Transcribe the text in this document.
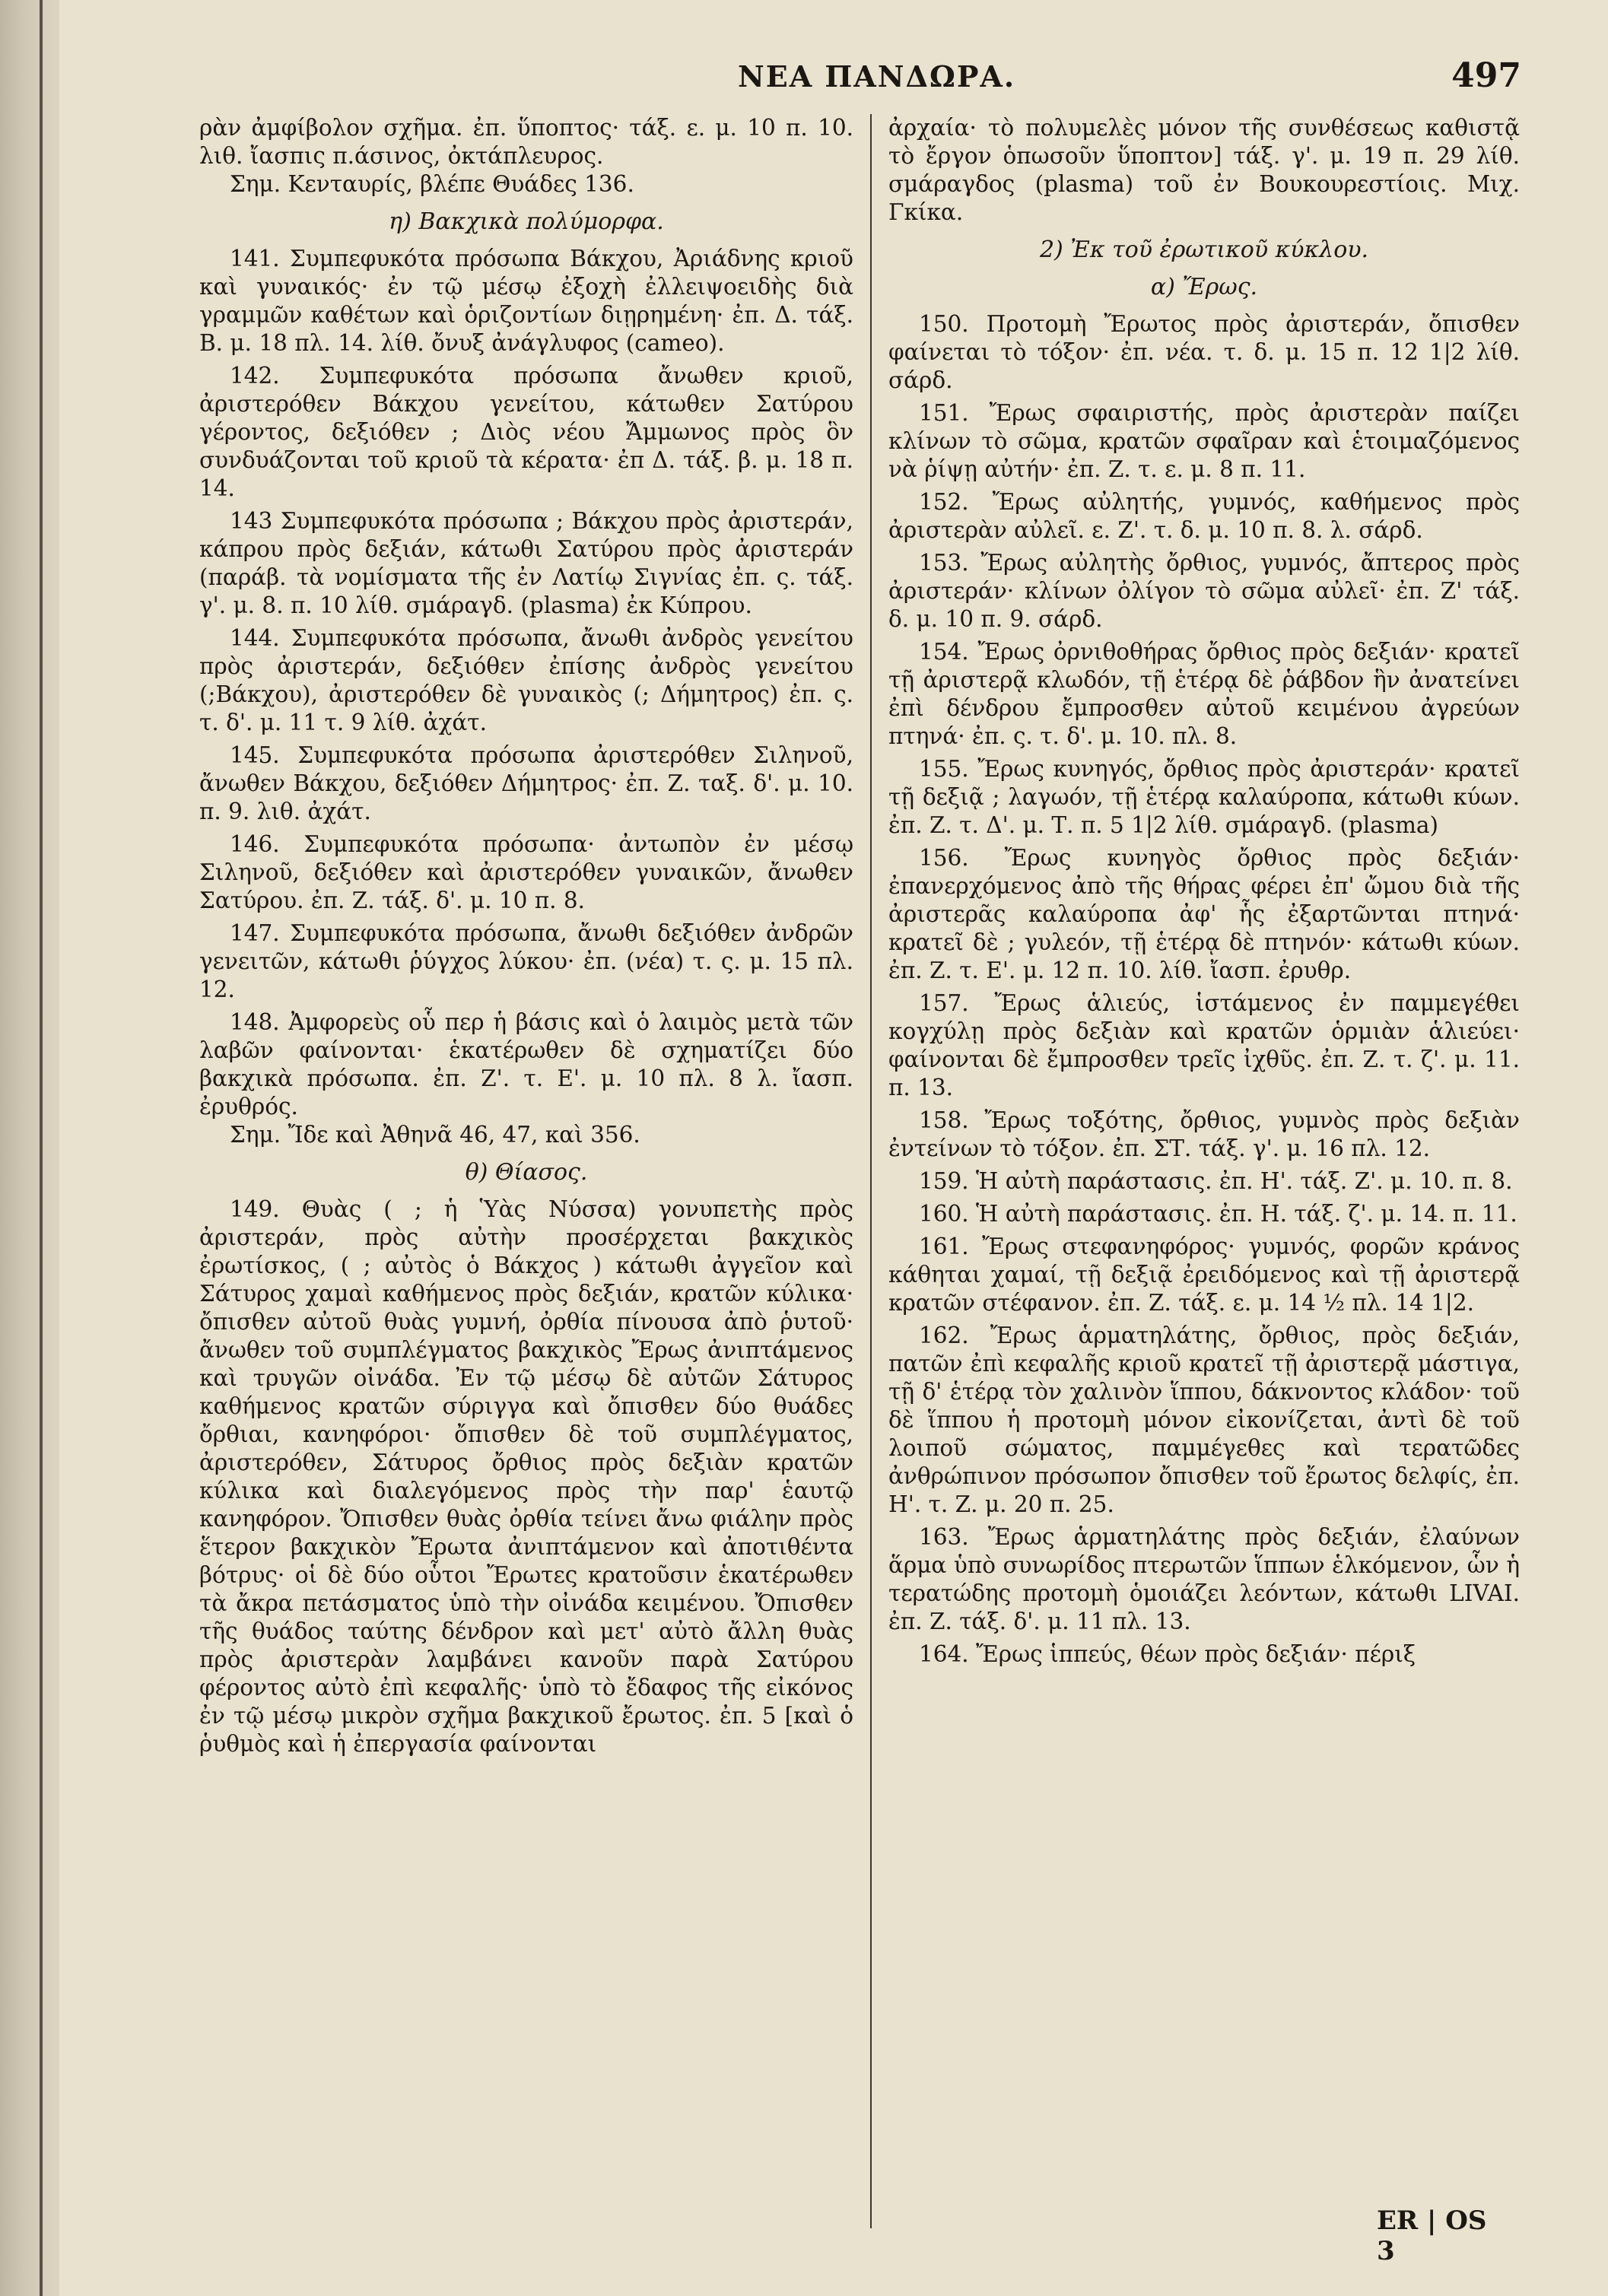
ΝΕΑ ΠΑΝΔΩΡΑ.	497

ρὰν ἀμφίβολον σχῆμα. ἐπ. ὕποπτος· τάξ. ε. μ. 10 π. 10. λιθ. ἴασπις π.άσινος, ὀκτάπλευρος.

Σημ. Κενταυρίς, βλέπε Θυάδες 136.

η) Βακχικὰ πολύμορφα.

141. Συμπεφυκότα πρόσωπα Βάκχου, Ἀριάδνης κριοῦ καὶ γυναικός· ἐν τῷ μέσῳ ἐξοχὴ ἐλλειψοειδὴς διὰ γραμμῶν καθέτων καὶ ὁριζοντίων διῃρημένη· ἐπ. Δ. τάξ. Β. μ. 18 πλ. 14. λίθ. ὄνυξ ἀνάγλυφος (cameo).

142. Συμπεφυκότα πρόσωπα ἄνωθεν κριοῦ, ἀριστερόθεν Βάκχου γενείτου, κάτωθεν Σατύρου γέροντος, δεξιόθεν ; Διὸς νέου Ἄμμωνος πρὸς ὃν συνδυάζονται τοῦ κριοῦ τὰ κέρατα· ἐπ Δ. τάξ. β. μ. 18 π. 14.

143 Συμπεφυκότα πρόσωπα ; Βάκχου πρὸς ἀριστεράν, κάπρου πρὸς δεξιάν, κάτωθι Σατύρου πρὸς ἀριστεράν (παράβ. τὰ νομίσματα τῆς ἐν Λατίῳ Σιγνίας ἐπ. ς. τάξ. γ'. μ. 8. π. 10 λίθ. σμάραγδ. (plasma) ἐκ Κύπρου.

144. Συμπεφυκότα πρόσωπα, ἄνωθι ἀνδρὸς γενείτου πρὸς ἀριστεράν, δεξιόθεν ἐπίσης ἀνδρὸς γενείτου (;Βάκχου), ἀριστερόθεν δὲ γυναικὸς (; Δήμητρος) ἐπ. ς. τ. δ'. μ. 11 τ. 9 λίθ. ἀχάτ.

145. Συμπεφυκότα πρόσωπα ἀριστερόθεν Σιληνοῦ, ἄνωθεν Βάκχου, δεξιόθεν Δήμητρος· ἐπ. Ζ. ταξ. δ'. μ. 10. π. 9. λιθ. ἀχάτ.

146. Συμπεφυκότα πρόσωπα· ἀντωπὸν ἐν μέσῳ Σιληνοῦ, δεξιόθεν καὶ ἀριστερόθεν γυναικῶν, ἄνωθεν Σατύρου. ἐπ. Ζ. τάξ. δ'. μ. 10 π. 8.

147. Συμπεφυκότα πρόσωπα, ἄνωθι δεξιόθεν ἀνδρῶν γενειτῶν, κάτωθι ῥύγχος λύκου· ἐπ. (νέα) τ. ς. μ. 15 πλ. 12.

148. Ἀμφορεὺς οὗ περ ἡ βάσις καὶ ὁ λαιμὸς μετὰ τῶν λαβῶν φαίνονται· ἑκατέρωθεν δὲ σχηματίζει δύο βακχικὰ πρόσωπα. ἐπ. Ζ'. τ. Ε'. μ. 10 πλ. 8 λ. ἴασπ. ἐρυθρός.

Σημ. Ἴδε καὶ Ἀθηνᾶ 46, 47, καὶ 356.

θ) Θίασος.

149. Θυὰς ( ; ἡ Ὑὰς Νύσσα) γονυπετὴς πρὸς ἀριστεράν, πρὸς αὐτὴν προσέρχεται βακχικὸς ἐρωτίσκος, ( ; αὐτὸς ὁ Βάκχος ) κάτωθι ἀγγεῖον καὶ Σάτυρος χαμαὶ καθήμενος πρὸς δεξιάν, κρατῶν κύλικα· ὄπισθεν αὐτοῦ θυὰς γυμνή, ὀρθία πίνουσα ἀπὸ ῥυτοῦ· ἄνωθεν τοῦ συμπλέγματος βακχικὸς Ἔρως ἀνιπτάμενος καὶ τρυγῶν οἰνάδα. Ἐν τῷ μέσῳ δὲ αὐτῶν Σάτυρος καθήμενος κρατῶν σύριγγα καὶ ὄπισθεν δύο θυάδες ὄρθιαι, κανηφόροι· ὄπισθεν δὲ τοῦ συμπλέγματος, ἀριστερόθεν, Σάτυρος ὄρθιος πρὸς δεξιὰν κρατῶν κύλικα καὶ διαλεγόμενος πρὸς τὴν παρ' ἑαυτῷ κανηφόρον. Ὄπισθεν θυὰς ὀρθία τείνει ἄνω φιάλην πρὸς ἕτερον βακχικὸν Ἔρωτα ἀνιπτάμενον καὶ ἀποτιθέντα βότρυς· οἱ δὲ δύο οὗτοι Ἔρωτες κρατοῦσιν ἑκατέρωθεν τὰ ἄκρα πετάσματος ὑπὸ τὴν οἰνάδα κειμένου. Ὄπισθεν τῆς θυάδος ταύτης δένδρον καὶ μετ' αὐτὸ ἄλλη θυὰς πρὸς ἀριστερὰν λαμβάνει κανοῦν παρὰ Σατύρου φέροντος αὐτὸ ἐπὶ κεφαλῆς· ὑπὸ τὸ ἔδαφος τῆς εἰκόνος ἐν τῷ μέσῳ μικρὸν σχῆμα βακχικοῦ ἔρωτος. ἐπ. 5 [καὶ ὁ ῥυθμὸς καὶ ἡ ἐπεργασία φαίνονται

ἀρχαία· τὸ πολυμελὲς μόνον τῆς συνθέσεως καθιστᾷ τὸ ἔργον ὁπωσοῦν ὕποπτον] τάξ. γ'. μ. 19 π. 29 λίθ. σμάραγδος (plasma) τοῦ ἐν Βουκουρεστίοις. Μιχ. Γκίκα.

2) Ἐκ τοῦ ἐρωτικοῦ κύκλου.

α) Ἔρως.

150. Προτομὴ Ἔρωτος πρὸς ἀριστεράν, ὄπισθεν φαίνεται τὸ τόξον· ἐπ. νέα. τ. δ. μ. 15 π. 12 1|2 λίθ. σάρδ.

151. Ἔρως σφαιριστής, πρὸς ἀριστερὰν παίζει κλίνων τὸ σῶμα, κρατῶν σφαῖραν καὶ ἑτοιμαζόμενος νὰ ῥίψῃ αὐτήν· ἐπ. Ζ. τ. ε. μ. 8 π. 11.

152. Ἔρως αὐλητής, γυμνός, καθήμενος πρὸς ἀριστερὰν αὐλεῖ. ε. Ζ'. τ. δ. μ. 10 π. 8. λ. σάρδ.

153. Ἔρως αὐλητὴς ὄρθιος, γυμνός, ἄπτερος πρὸς ἀριστεράν· κλίνων ὀλίγον τὸ σῶμα αὐλεῖ· ἐπ. Ζ' τάξ. δ. μ. 10 π. 9. σάρδ.

154. Ἔρως ὀρνιθοθήρας ὄρθιος πρὸς δεξιάν· κρατεῖ τῇ ἀριστερᾷ κλωδόν, τῇ ἑτέρᾳ δὲ ῥάβδον ἣν ἀνατείνει ἐπὶ δένδρου ἔμπροσθεν αὐτοῦ κειμένου ἀγρεύων πτηνά· ἐπ. ς. τ. δ'. μ. 10. πλ. 8.

155. Ἔρως κυνηγός, ὄρθιος πρὸς ἀριστεράν· κρατεῖ τῇ δεξιᾷ ; λαγωόν, τῇ ἑτέρᾳ καλαύροπα, κάτωθι κύων. ἐπ. Ζ. τ. Δ'. μ. Τ. π. 5 1|2 λίθ. σμάραγδ. (plasma)

156. Ἔρως κυνηγὸς ὄρθιος πρὸς δεξιάν· ἐπανερχόμενος ἀπὸ τῆς θήρας φέρει ἐπ' ὤμου διὰ τῆς ἀριστερᾶς καλαύροπα ἀφ' ἧς ἐξαρτῶνται πτηνά· κρατεῖ δὲ ; γυλεόν, τῇ ἑτέρᾳ δὲ πτηνόν· κάτωθι κύων. ἐπ. Ζ. τ. Ε'. μ. 12 π. 10. λίθ. ἴασπ. ἐρυθρ.

157. Ἔρως ἁλιεύς, ἱστάμενος ἐν παμμεγέθει κογχύλῃ πρὸς δεξιὰν καὶ κρατῶν ὁρμιὰν ἁλιεύει· φαίνονται δὲ ἔμπροσθεν τρεῖς ἰχθῦς. ἐπ. Ζ. τ. ζ'. μ. 11. π. 13.

158. Ἔρως τοξότης, ὄρθιος, γυμνὸς πρὸς δεξιὰν ἐντείνων τὸ τόξον. ἐπ. ΣΤ. τάξ. γ'. μ. 16 πλ. 12.

159. Ἡ αὐτὴ παράστασις. ἐπ. Η'. τάξ. Ζ'. μ. 10. π. 8.

160. Ἡ αὐτὴ παράστασις. ἐπ. Η. τάξ. ζ'. μ. 14. π. 11.

161. Ἔρως στεφανηφόρος· γυμνός, φορῶν κράνος κάθηται χαμαί, τῇ δεξιᾷ ἐρειδόμενος καὶ τῇ ἀριστερᾷ κρατῶν στέφανον. ἐπ. Ζ. τάξ. ε. μ. 14 ½ πλ. 14 1|2.

162. Ἔρως ἁρματηλάτης, ὄρθιος, πρὸς δεξιάν, πατῶν ἐπὶ κεφαλῆς κριοῦ κρατεῖ τῇ ἀριστερᾷ μάστιγα, τῇ δ' ἑτέρᾳ τὸν χαλινὸν ἵππου, δάκνοντος κλάδον· τοῦ δὲ ἵππου ἡ προτομὴ μόνον εἰκονίζεται, ἀντὶ δὲ τοῦ λοιποῦ σώματος, παμμέγεθες καὶ τερατῶδες ἀνθρώπινον πρόσωπον ὄπισθεν τοῦ ἔρωτος δελφίς, ἐπ. Η'. τ. Ζ. μ. 20 π. 25.

163. Ἔρως ἁρματηλάτης πρὸς δεξιάν, ἐλαύνων ἅρμα ὑπὸ συνωρίδος πτερωτῶν ἵππων ἑλκόμενον, ὧν ἡ τερατώδης προτομὴ ὁμοιάζει λεόντων, κάτωθι LIVAI. ἐπ. Ζ. τάξ. δ'. μ. 11 πλ. 13.

164. Ἔρως ἱππεύς, θέων πρὸς δεξιάν· πέριξ

ER | OS
3
